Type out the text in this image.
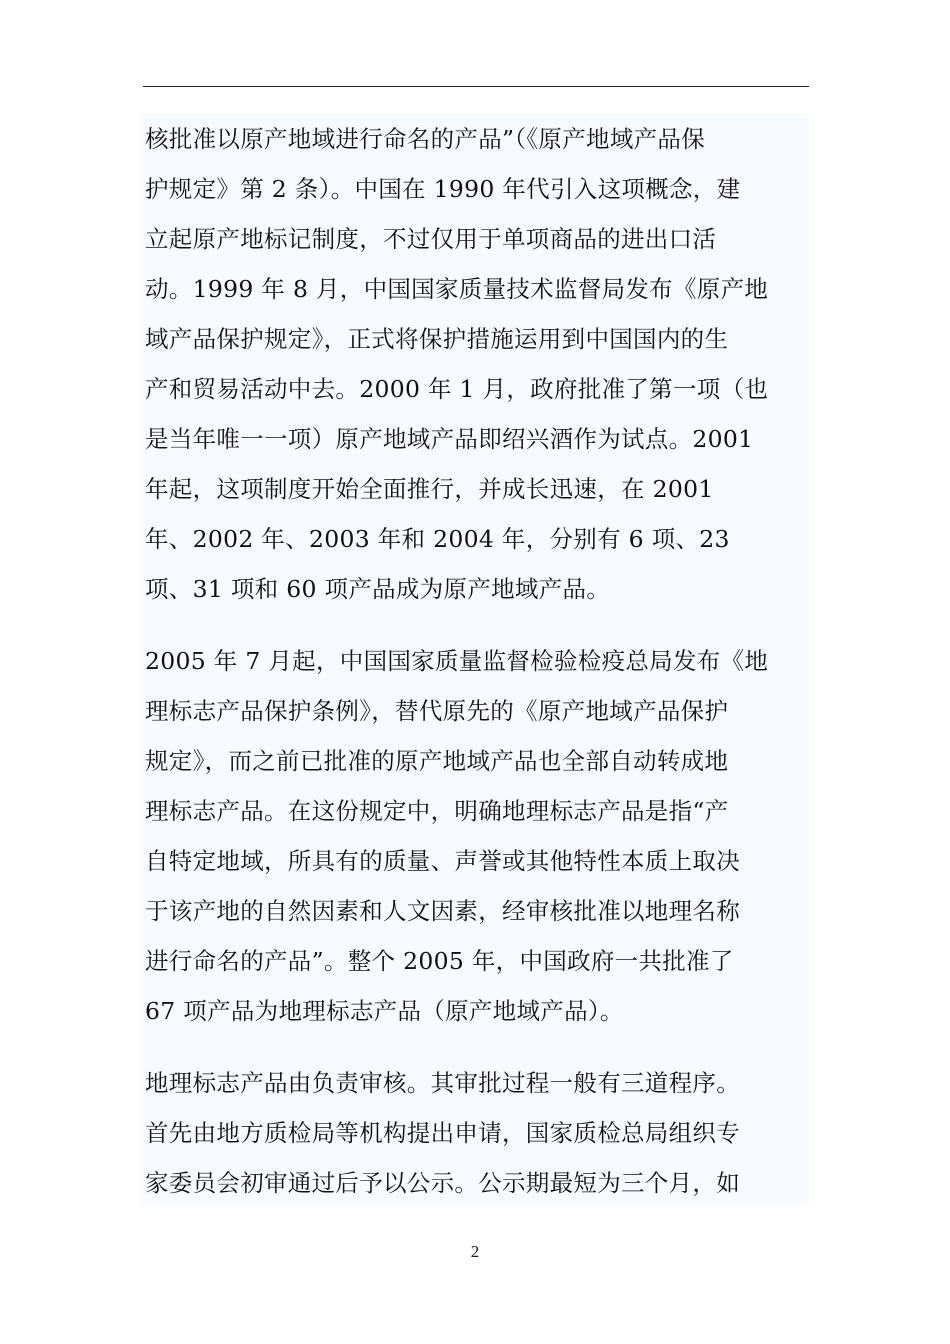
核批准以原产地域进行命名的产品”（《原产地域产品保

护规定》第 2 条）。中国在 1990 年代引入这项概念，建

立起原产地标记制度，不过仅用于单项商品的进出口活

动。1999 年 8 月，中国国家质量技术监督局发布《原产地

域产品保护规定》，正式将保护措施运用到中国国内的生

产和贸易活动中去。2000 年 1 月，政府批准了第一项（也

是当年唯一一项）原产地域产品即绍兴酒作为试点。2001

年起，这项制度开始全面推行，并成长迅速，在 2001

年、2002 年、2003 年和 2004 年，分别有 6 项、23

项、31 项和 60 项产品成为原产地域产品。

2005 年 7 月起，中国国家质量监督检验检疫总局发布《地

理标志产品保护条例》，替代原先的《原产地域产品保护

规定》，而之前已批准的原产地域产品也全部自动转成地

理标志产品。在这份规定中，明确地理标志产品是指“产

自特定地域，所具有的质量、声誉或其他特性本质上取决

于该产地的自然因素和人文因素，经审核批准以地理名称

进行命名的产品”。整个 2005 年，中国政府一共批准了

67 项产品为地理标志产品（原产地域产品）。

地理标志产品由负责审核。其审批过程一般有三道程序。

首先由地方质检局等机构提出申请，国家质检总局组织专

家委员会初审通过后予以公示。公示期最短为三个月，如

2
